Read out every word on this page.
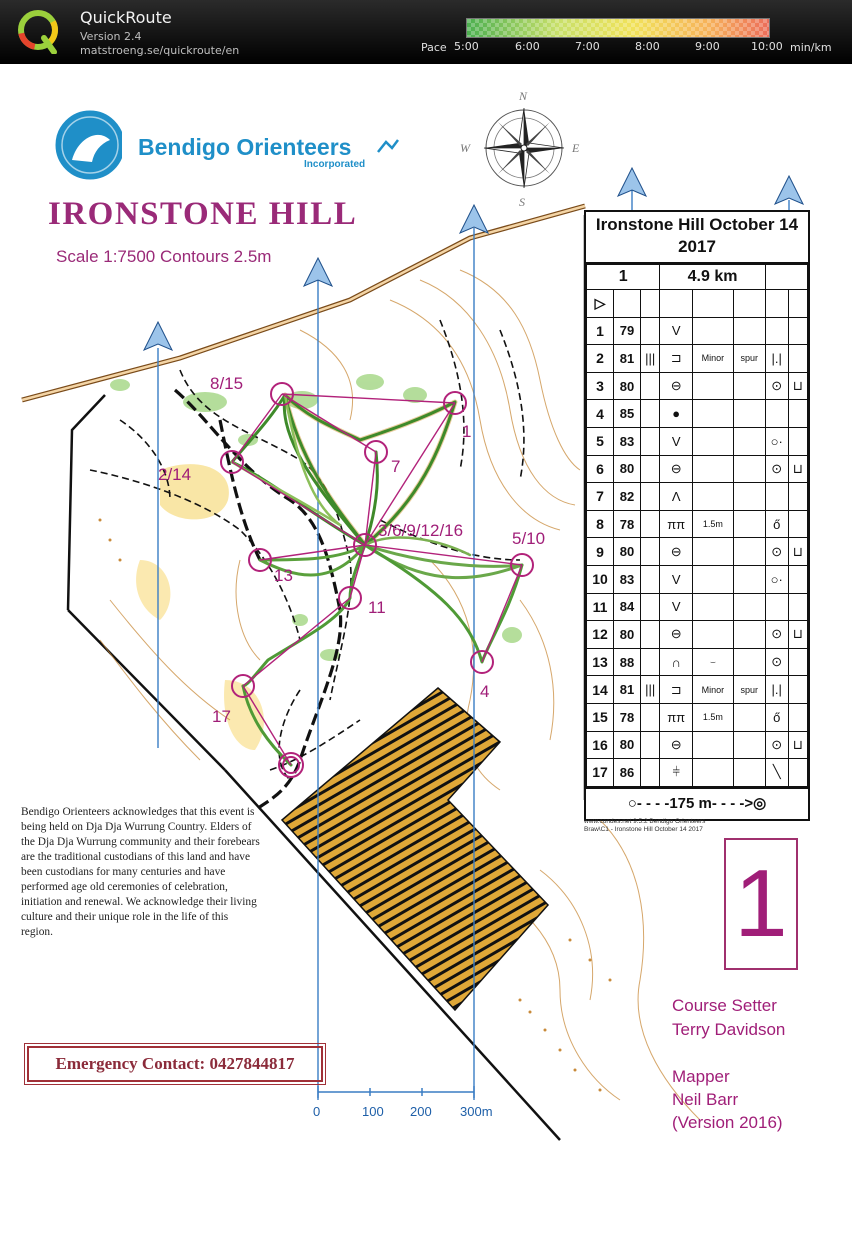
QuickRoute
Version 2.4
matstroeng.se/quickroute/en	Pace 5:00	6:00	7:00	8:00	9:00	10:00 min/km
8/15
1
2/14	7
3/6/9/12/16	5/10
13
11
4
17
Bendigo Orienteers
Incorporated
N
E
S
W
IRONSTONE HILL
Scale 1:7500 Contours 2.5m
0	100 200 300m
Ironstone Hill October 14 2017
1			4.9 km				
▷							
1	79		V				
2	81	|||	⊐	Minor	spur	|.|	
3	80		⊖			⊙	⊔
4	85		●				
5	83		V			○·	
6	80		⊖			⊙	⊔
7	82		Λ				
8	78		ππ	1.5m		ő	
9	80		⊖			⊙	⊔
10	83		V			○·	
11	84		V				
12	80		⊖			⊙	⊔
13	88		∩	⌣		⊙	
14	81	|||	⊐	Minor	spur	|.|	
15	78		ππ	1.5m		ő	
16	80		⊖			⊙	⊔
17	86		⫩			╲	
○- - - -175 m- - - ->◎
www.condes.net 9.5.2 Bendigo Orienteers
Braw\C1 - Ironstone Hill October 14 2017
Bendigo Orienteers acknowledges that this event is being held on Dja Dja Wurrung Country. Elders of the Dja Dja Wurrung community and their forebears are the traditional custodians of this land and have been custodians for many centuries and have performed age old ceremonies of celebration, initiation and renewal. We acknowledge their living culture and their unique role in the life of this region.
Emergency Contact: 0427844817
1
Course Setter
Terry Davidson
Mapper
Neil Barr
(Version 2016)
